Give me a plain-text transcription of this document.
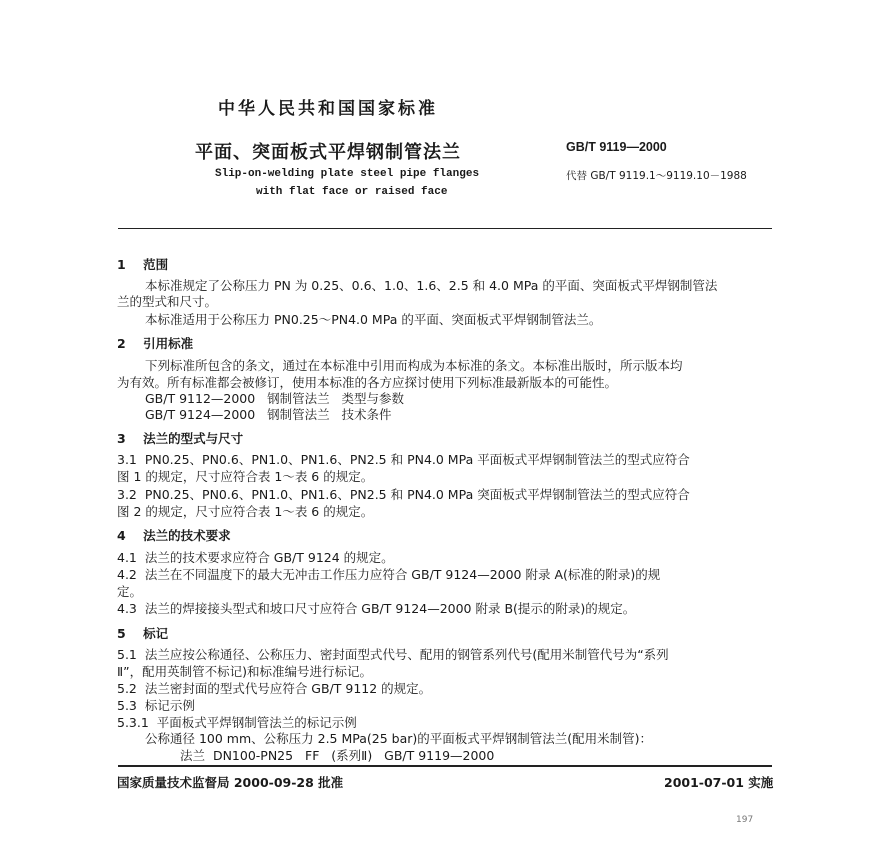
中华人民共和国国家标准
平面、突面板式平焊钢制管法兰	GB/T 9119—2000
Slip-on-welding plate steel pipe flanges	代替 GB/T 9119.1～9119.10－1988
with flat face or raised face
1 范围
本标准规定了公称压力 PN 为 0.25、0.6、1.0、1.6、2.5 和 4.0 MPa 的平面、突面板式平焊钢制管法
兰的型式和尺寸。
本标准适用于公称压力 PN0.25～PN4.0 MPa 的平面、突面板式平焊钢制管法兰。
2 引用标准
下列标准所包含的条文，通过在本标准中引用而构成为本标准的条文。本标准出版时，所示版本均
为有效。所有标准都会被修订，使用本标准的各方应探讨使用下列标准最新版本的可能性。
GB/T 9112—2000   钢制管法兰   类型与参数
GB/T 9124—2000   钢制管法兰   技术条件
3 法兰的型式与尺寸
3.1  PN0.25、PN0.6、PN1.0、PN1.6、PN2.5 和 PN4.0 MPa 平面板式平焊钢制管法兰的型式应符合
图 1 的规定，尺寸应符合表 1～表 6 的规定。
3.2  PN0.25、PN0.6、PN1.0、PN1.6、PN2.5 和 PN4.0 MPa 突面板式平焊钢制管法兰的型式应符合
图 2 的规定，尺寸应符合表 1～表 6 的规定。
4 法兰的技术要求
4.1  法兰的技术要求应符合 GB/T 9124 的规定。
4.2  法兰在不同温度下的最大无冲击工作压力应符合 GB/T 9124—2000 附录 A(标准的附录)的规
定。
4.3  法兰的焊接接头型式和坡口尺寸应符合 GB/T 9124—2000 附录 B(提示的附录)的规定。
5 标记
5.1  法兰应按公称通径、公称压力、密封面型式代号、配用的钢管系列代号(配用米制管代号为“系列
Ⅱ”，配用英制管不标记)和标准编号进行标记。
5.2  法兰密封面的型式代号应符合 GB/T 9112 的规定。
5.3  标记示例
5.3.1  平面板式平焊钢制管法兰的标记示例
公称通径 100 mm、公称压力 2.5 MPa(25 bar)的平面板式平焊钢制管法兰(配用米制管)：
法兰  DN100-PN25   FF   (系列Ⅱ)   GB/T 9119—2000
国家质量技术监督局 2000-09-28 批准	2001-07-01 实施
197
